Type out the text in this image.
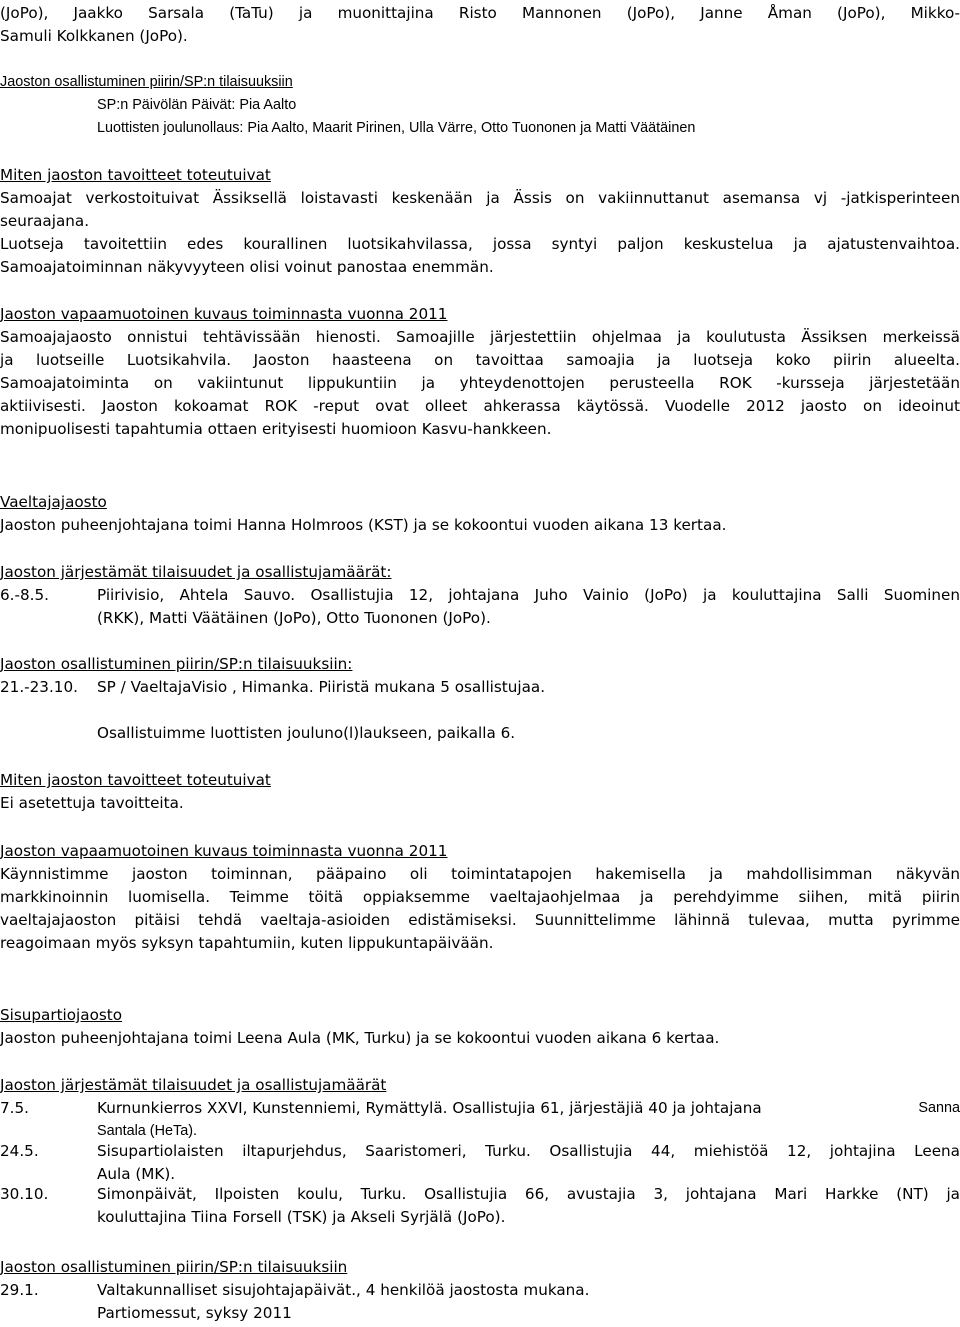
(JoPo), Jaakko Sarsala (TaTu) ja muonittajina Risto Mannonen (JoPo), Janne Åman (JoPo), Mikko-
Samuli Kolkkanen (JoPo).
Jaoston osallistuminen piirin/SP:n tilaisuuksiin
SP:n Päivölän Päivät: Pia Aalto
Luottisten joulunollaus: Pia Aalto, Maarit Pirinen, Ulla Värre, Otto Tuononen ja Matti Väätäinen
Miten jaoston tavoitteet toteutuivat
Samoajat verkostoituivat Ässiksellä loistavasti keskenään ja Ässis on vakiinnuttanut asemansa vj -jatkisperinteen
seuraajana.
Luotseja tavoitettiin edes kourallinen luotsikahvilassa, jossa syntyi paljon keskustelua ja ajatustenvaihtoa.
Samoajatoiminnan näkyvyyteen olisi voinut panostaa enemmän.
Jaoston vapaamuotoinen kuvaus toiminnasta vuonna 2011
Samoajajaosto onnistui tehtävissään hienosti. Samoajille järjestettiin ohjelmaa ja koulutusta Ässiksen merkeissä
ja luotseille Luotsikahvila. Jaoston haasteena on tavoittaa samoajia ja luotseja koko piirin alueelta.
Samoajatoiminta on vakiintunut lippukuntiin ja yhteydenottojen perusteella ROK -kursseja järjestetään
aktiivisesti. Jaoston kokoamat ROK -reput ovat olleet ahkerassa käytössä. Vuodelle 2012 jaosto on ideoinut
monipuolisesti tapahtumia ottaen erityisesti huomioon Kasvu-hankkeen.
Vaeltajajaosto
Jaoston puheenjohtajana toimi Hanna Holmroos (KST) ja se kokoontui vuoden aikana 13 kertaa.
Jaoston järjestämät tilaisuudet ja osallistujamäärät:
6.-8.5.	Piirivisio, Ahtela Sauvo. Osallistujia 12, johtajana Juho Vainio (JoPo) ja kouluttajina Salli Suominen
(RKK), Matti Väätäinen (JoPo), Otto Tuononen (JoPo).
Jaoston osallistuminen piirin/SP:n tilaisuuksiin:
21.-23.10. SP / VaeltajaVisio , Himanka. Piiristä mukana 5 osallistujaa.
Osallistuimme luottisten jouluno(l)laukseen, paikalla 6.
Miten jaoston tavoitteet toteutuivat
Ei asetettuja tavoitteita.
Jaoston vapaamuotoinen kuvaus toiminnasta vuonna 2011
Käynnistimme jaoston toiminnan, pääpaino oli toimintatapojen hakemisella ja mahdollisimman näkyvän
markkinoinnin luomisella. Teimme töitä oppiaksemme vaeltajaohjelmaa ja perehdyimme siihen, mitä piirin
vaeltajajaoston pitäisi tehdä vaeltaja-asioiden edistämiseksi. Suunnittelimme lähinnä tulevaa, mutta pyrimme
reagoimaan myös syksyn tapahtumiin, kuten lippukuntapäivään.
Sisupartiojaosto
Jaoston puheenjohtajana toimi Leena Aula (MK, Turku) ja se kokoontui vuoden aikana 6 kertaa.
Jaoston järjestämät tilaisuudet ja osallistujamäärät
7.5.	Kurnunkierros XXVI, Kunstenniemi, Rymättylä. Osallistujia 61, järjestäjiä 40 ja johtajana	Sanna
Santala (HeTa).
24.5.	Sisupartiolaisten iltapurjehdus, Saaristomeri, Turku. Osallistujia 44, miehistöä 12, johtajina Leena
Aula (MK).
30.10.	Simonpäivät, Ilpoisten koulu, Turku. Osallistujia 66, avustajia 3, johtajana Mari Harkke (NT) ja
kouluttajina Tiina Forsell (TSK) ja Akseli Syrjälä (JoPo).
Jaoston osallistuminen piirin/SP:n tilaisuuksiin
29.1.	Valtakunnalliset sisujohtajapäivät., 4 henkilöä jaostosta mukana.
Partiomessut, syksy 2011
